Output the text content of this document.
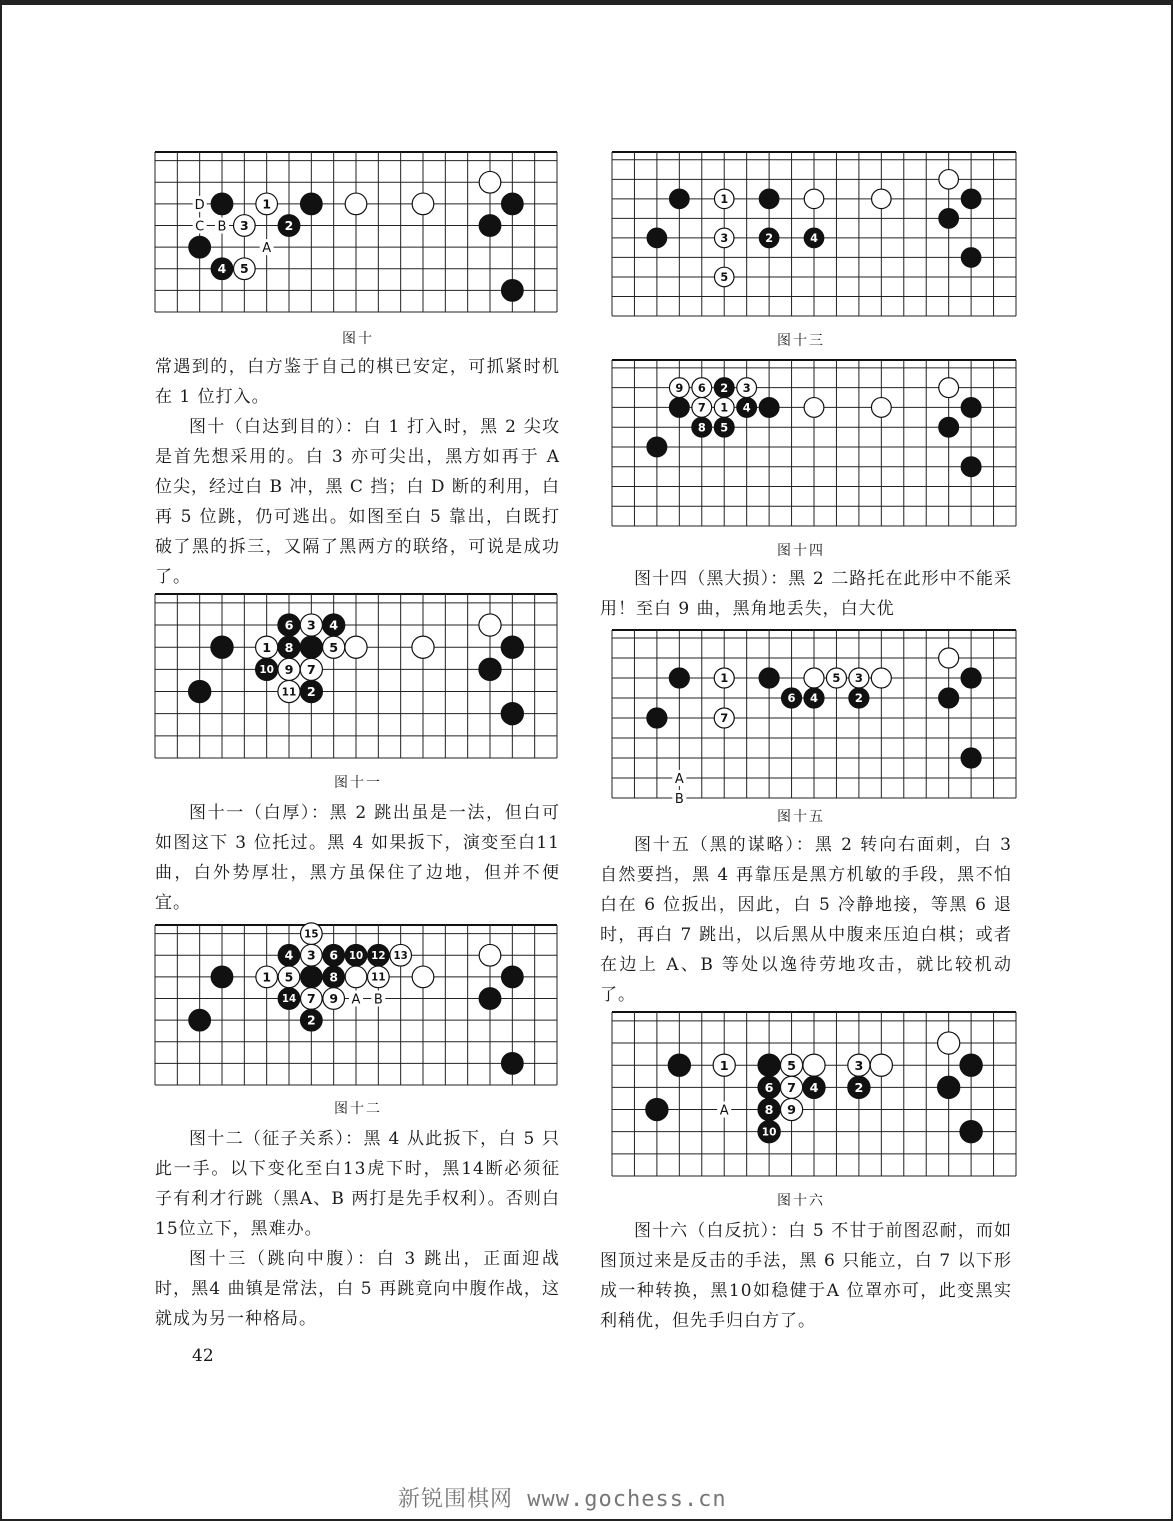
D
C B
A
1
3	2
4 5
图十
6 3 4
1 8	5
10 9 7
11 2
图十一
A B
15
4 3 6 10 12 13
1 5	8	11
14 7 9
2
图十二

常遇到的，白方鉴于自己的棋已安定，可抓紧时机在 1 位打入。

图十（白达到目的）：白 1 打入时，黑 2 尖攻是首先想采用的。白 3 亦可尖出，黑方如再于 A 位尖，经过白 B 冲，黑 C 挡；白 D 断的利用，白再 5 位跳，仍可逃出。如图至白 5 靠出，白既打破了黑的拆三，又隔了黑两方的联络，可说是成功了。

图十一（白厚）：黑 2 跳出虽是一法，但白可如图这下 3 位托过。黑 4 如果扳下，演变至白11曲，白外势厚壮，黑方虽保住了边地，但并不便宜。

图十二（征子关系）：黑 4 从此扳下，白 5 只此一手。以下变化至白13虎下时，黑14断必须征子有利才行跳（黑A、B 两打是先手权利）。否则白15位立下，黑难办。

图十三（跳向中腹）：白 3 跳出，正面迎战时，黑4 曲镇是常法，白 5 再跳竟向中腹作战，这就成为另一种格局。

1
3	2	4
5
图十三
9 6 2 3
7 1 4
8 5
图十四

图十四（黑大损）：黑 2 二路托在此形中不能采用！至白 9 曲，黑角地丢失，白大优

A
B
1	5 3
6 4	2
7
图十五

图十五（黑的谋略）：黑 2 转向右面刺，白 3 自然要挡，黑 4 再靠压是黑方机敏的手段，黑不怕白在 6 位扳出，因此，白 5 冷静地接，等黑 6 退时，再白 7 跳出，以后黑从中腹来压迫白棋；或者在边上 A、B 等处以逸待劳地攻击，就比较机动了。

A
1	5	3
6 7 4	2
8 9
10
图十六

图十六（白反抗）：白 5 不甘于前图忍耐，而如图顶过来是反击的手法，黑 6 只能立，白 7 以下形成一种转换，黑10如稳健于A 位罩亦可，此变黑实利稍优，但先手归白方了。

42
新锐围棋网 www.gochess.cn
